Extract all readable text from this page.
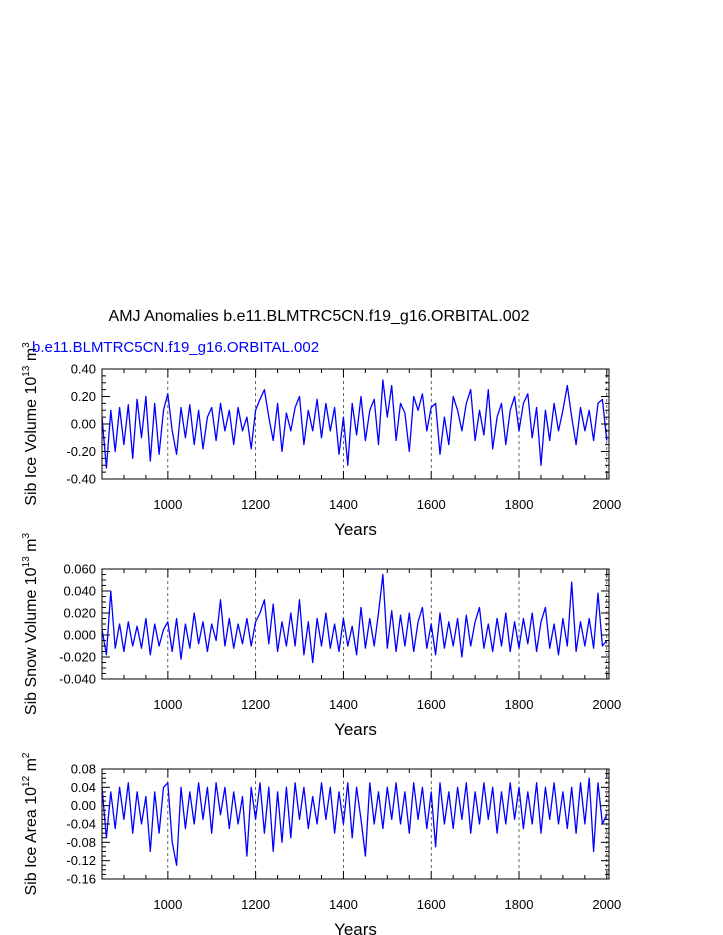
AMJ Anomalies b.e11.BLMTRC5CN.f19_g16.ORBITAL.002
1000	1200	1400	1600	1800	2000
-0.40
-0.20
0.00
0.20
0.40
Years
Sib Ice Volume $10^{13}$ $m^3$ b.e11.BLMTRC5CN.f19_g16.ORBITAL.002
1000	1200	1400	1600	1800	2000
-0.040
-0.020
0.000
0.020
0.040
0.060
Years
Sib Snow Volume $10^{13}$ $m^3$
1000	1200	1400	1600	1800	2000
-0.16
-0.12
-0.08
-0.04
0.00
0.04
0.08
Years
Sib Ice Area $10^{12}$ $m^2$
